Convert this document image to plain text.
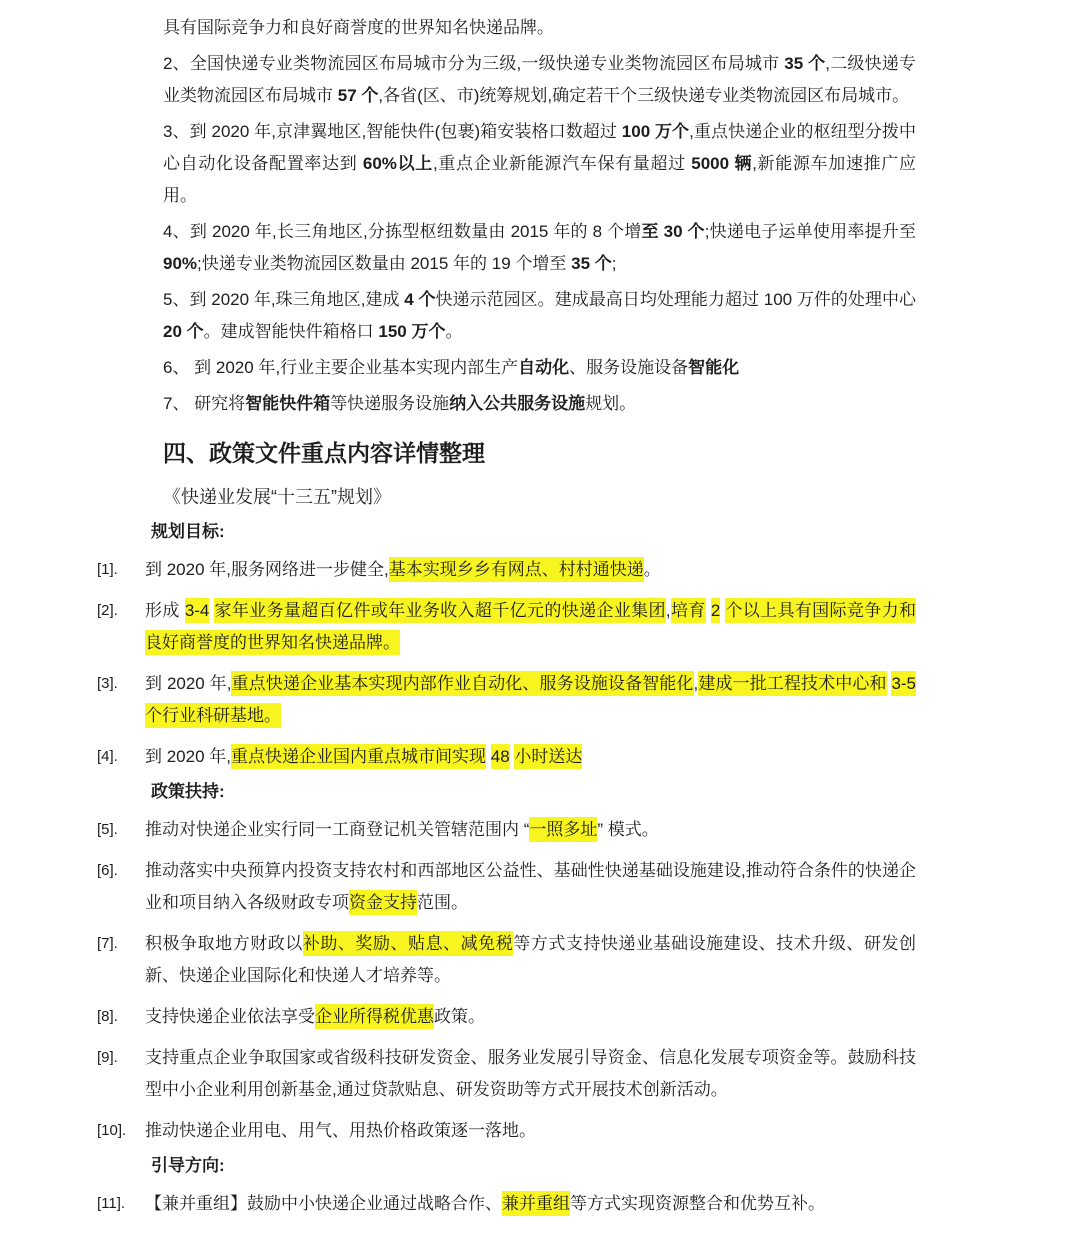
具有国际竞争力和良好商誉度的世界知名快递品牌。

2、全国快递专业类物流园区布局城市分为三级,一级快递专业类物流园区布局城市 35 个,二级快递专业类物流园区布局城市 57 个,各省(区、市)统筹规划,确定若干个三级快递专业类物流园区布局城市。

3、到 2020 年,京津翼地区,智能快件(包裹)箱安装格口数超过 100 万个,重点快递企业的枢纽型分拨中心自动化设备配置率达到 60%以上,重点企业新能源汽车保有量超过 5000 辆,新能源车加速推广应用。

4、到 2020 年,长三角地区,分拣型枢纽数量由 2015 年的 8 个增至 30 个;快递电子运单使用率提升至 90%;快递专业类物流园区数量由 2015 年的 19 个增至 35 个;

5、到 2020 年,珠三角地区,建成 4 个快递示范园区。建成最高日均处理能力超过 100 万件的处理中心 20 个。建成智能快件箱格口 150 万个。

6、 到 2020 年,行业主要企业基本实现内部生产自动化、服务设施设备智能化

7、 研究将智能快件箱等快递服务设施纳入公共服务设施规划。

四、政策文件重点内容详情整理

《快递业发展“十三五”规划》

规划目标:

[1].	到 2020 年,服务网络进一步健全,基本实现乡乡有网点、村村通快递。
[2].	形成 3-4 家年业务量超百亿件或年业务收入超千亿元的快递企业集团,培育 2 个以上具有国际竞争力和良好商誉度的世界知名快递品牌。
[3].	到 2020 年,重点快递企业基本实现内部作业自动化、服务设施设备智能化,建成一批工程技术中心和 3-5 个行业科研基地。
[4].	到 2020 年,重点快递企业国内重点城市间实现 48 小时送达

政策扶持:

[5].	推动对快递企业实行同一工商登记机关管辖范围内 “一照多址” 模式。
[6].	推动落实中央预算内投资支持农村和西部地区公益性、基础性快递基础设施建设,推动符合条件的快递企业和项目纳入各级财政专项资金支持范围。
[7].	积极争取地方财政以补助、奖励、贴息、减免税等方式支持快递业基础设施建设、技术升级、研发创新、快递企业国际化和快递人才培养等。
[8].	支持快递企业依法享受企业所得税优惠政策。
[9].	支持重点企业争取国家或省级科技研发资金、服务业发展引导资金、信息化发展专项资金等。鼓励科技型中小企业利用创新基金,通过贷款贴息、研发资助等方式开展技术创新活动。
[10].	推动快递企业用电、用气、用热价格政策逐一落地。

引导方向:

[11].	【兼并重组】鼓励中小快递企业通过战略合作、兼并重组等方式实现资源整合和优势互补。
